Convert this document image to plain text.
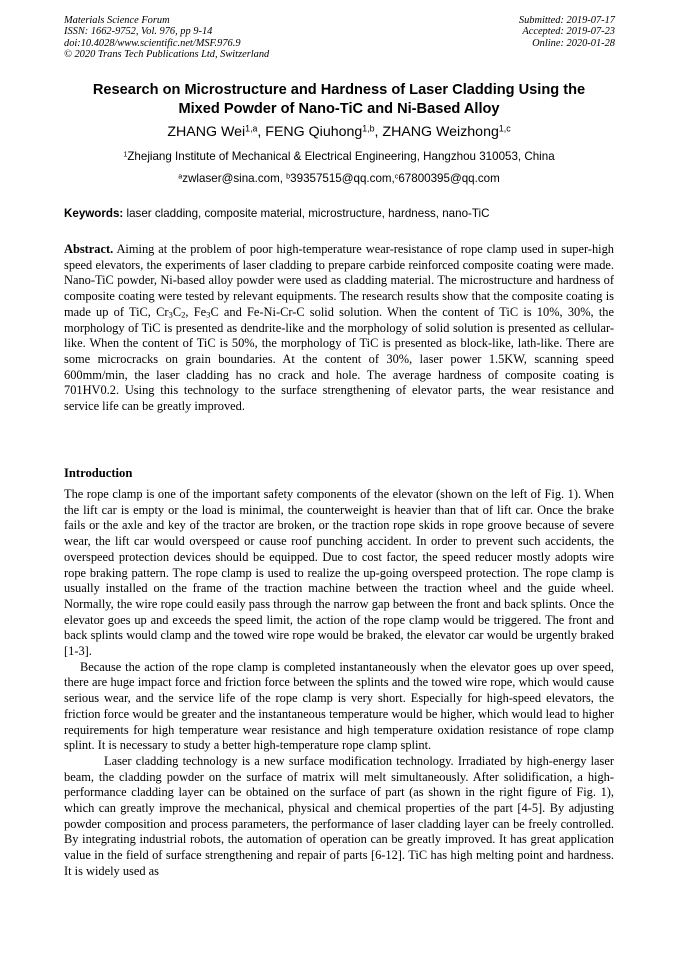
Materials Science Forum
ISSN: 1662-9752, Vol. 976, pp 9-14
doi:10.4028/www.scientific.net/MSF.976.9
© 2020 Trans Tech Publications Ltd, Switzerland
Submitted: 2019-07-17
Accepted: 2019-07-23
Online: 2020-01-28
Research on Microstructure and Hardness of Laser Cladding Using the
Mixed Powder of Nano-TiC and Ni-Based Alloy
ZHANG Wei$^{1,a}$, FENG Qiuhong$^{1,b}$, ZHANG Weizhong$^{1,c}$
$^1$Zhejiang Institute of Mechanical & Electrical Engineering, Hangzhou 310053, China
$^a$zwlaser@sina.com, $^b$39357515@qq.com,$^c$67800395@qq.com
Keywords: laser cladding, composite material, microstructure, hardness, nano-TiC
Abstract. Aiming at the problem of poor high-temperature wear-resistance of rope clamp used in super-high speed elevators, the experiments of laser cladding to prepare carbide reinforced composite coating were made. Nano-TiC powder, Ni-based alloy powder were used as cladding material. The microstructure and hardness of composite coating were tested by relevant equipments. The research results show that the composite coating is made up of TiC, $Cr_3C_2$, $Fe_3C$ and Fe-Ni-Cr-C solid solution. When the content of TiC is 10%, 30%, the morphology of TiC is presented as dendrite-like and the morphology of solid solution is presented as cellular-like. When the content of TiC is 50%, the morphology of TiC is presented as block-like, lath-like. There are some microcracks on grain boundaries. At the content of 30%, laser power 1.5KW, scanning speed 600mm/min, the laser cladding has no crack and hole. The average hardness of composite coating is 701HV0.2. Using this technology to the surface strengthening of elevator parts, the wear resistance and service life can be greatly improved.
Introduction

The rope clamp is one of the important safety components of the elevator (shown on the left of Fig. 1). When the lift car is empty or the load is minimal, the counterweight is heavier than that of lift car. Once the brake fails or the axle and key of the tractor are broken, or the traction rope skids in rope groove because of severe wear, the lift car would overspeed or cause roof punching accident. In order to prevent such accidents, the overspeed protection devices should be equipped. Due to cost factor, the speed reducer mostly adopts wire rope braking pattern. The rope clamp is used to realize the up-going overspeed protection. The rope clamp is usually installed on the frame of the traction machine between the traction wheel and the guide wheel. Normally, the wire rope could easily pass through the narrow gap between the front and back splints. Once the elevator goes up and exceeds the speed limit, the action of the rope clamp would be triggered. The front and back splints would clamp and the towed wire rope would be braked, the elevator car would be urgently braked [1-3].

Because the action of the rope clamp is completed instantaneously when the elevator goes up over speed, there are huge impact force and friction force between the splints and the towed wire rope, which would cause serious wear, and the service life of the rope clamp is very short. Especially for high-speed elevators, the friction force would be greater and the instantaneous temperature would be higher, which would lead to higher requirements for high temperature wear resistance and high temperature oxidation resistance of rope clamp splint. It is necessary to study a better high-temperature rope clamp splint.

Laser cladding technology is a new surface modification technology. Irradiated by high-energy laser beam, the cladding powder on the surface of matrix will melt simultaneously. After solidification, a high-performance cladding layer can be obtained on the surface of part (as shown in the right figure of Fig. 1), which can greatly improve the mechanical, physical and chemical properties of the part [4-5]. By adjusting powder composition and process parameters, the performance of laser cladding layer can be freely controlled. By integrating industrial robots, the automation of operation can be greatly improved. It has great application value in the field of surface strengthening and repair of parts [6-12]. TiC has high melting point and hardness. It is widely used as
